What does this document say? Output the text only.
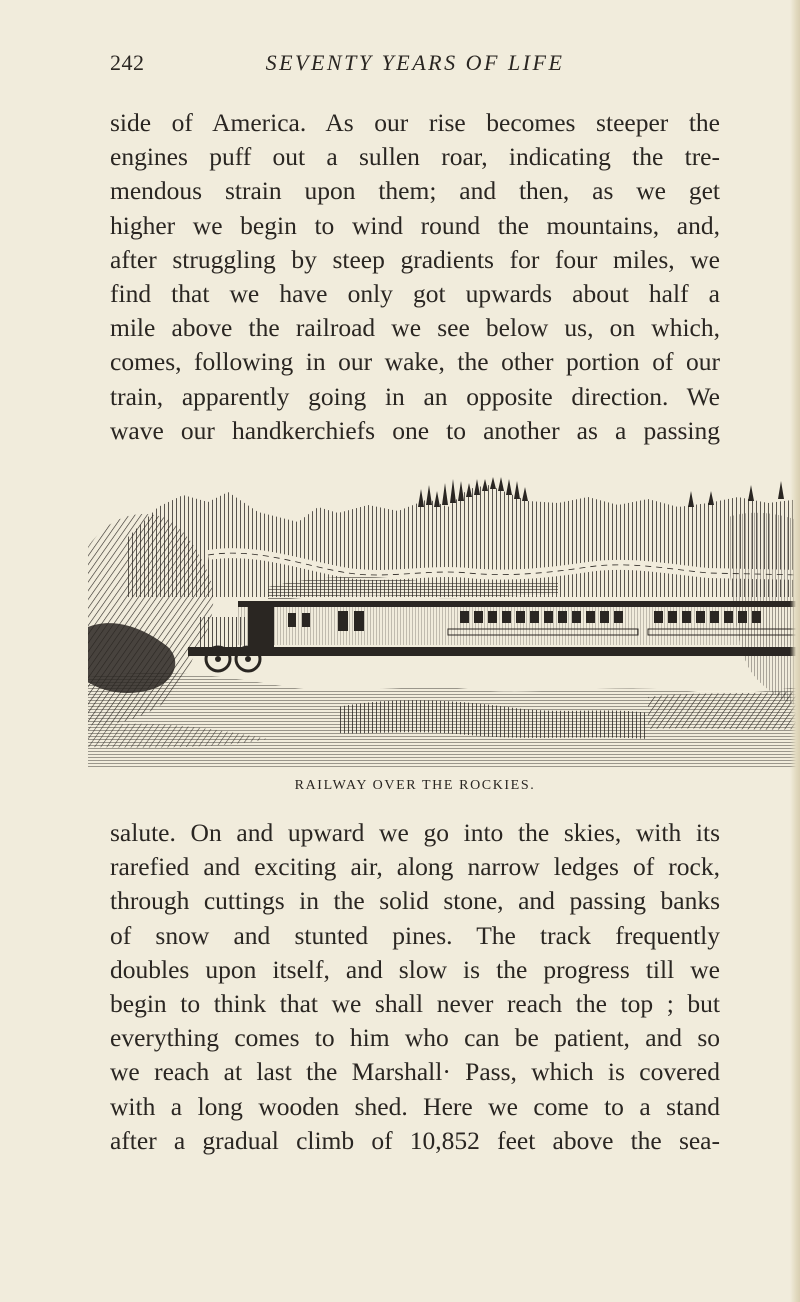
242	SEVENTY YEARS OF LIFE
side of America. As our rise becomes steeper the
engines puff out a sullen roar, indicating the tre-
mendous strain upon them; and then, as we get
higher we begin to wind round the mountains, and,
after struggling by steep gradients for four miles, we
find that we have only got upwards about half a
mile above the railroad we see below us, on which,
comes, following in our wake, the other portion of our
train, apparently going in an opposite direction. We
wave our handkerchiefs one to another as a passing
RAILWAY OVER THE ROCKIES.
salute. On and upward we go into the skies, with its
rarefied and exciting air, along narrow ledges of rock,
through cuttings in the solid stone, and passing banks
of snow and stunted pines. The track frequently
doubles upon itself, and slow is the progress till we
begin to think that we shall never reach the top ; but
everything comes to him who can be patient, and so
we reach at last the Marshall· Pass, which is covered
with a long wooden shed. Here we come to a stand
after a gradual climb of 10,852 feet above the sea-
